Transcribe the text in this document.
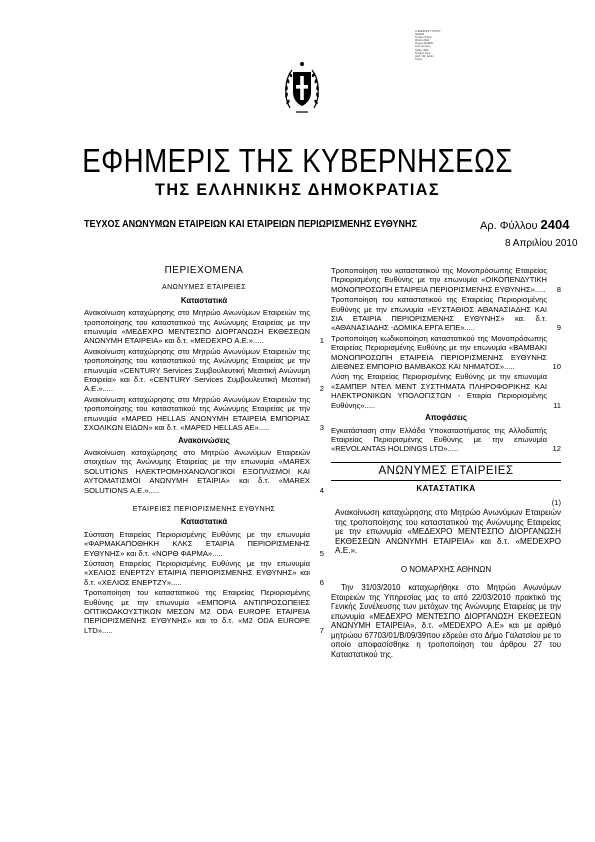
Ο ΕΘΝΙΚΟΣ ΤΥΠΟΓΡ.
ΑΘΗΝΑ
Τετάρτη 8 Απρ.
Φύλλο 2404
Τεύχος ΑΕ-ΕΠΕ
Τιμή εντύπου
Αριθμ. ΦΕΚ
Γραφείο Πωλ.
Αριθ. Ταξ. Δ/νση
Τηλεφ.
ΕΦΗΜΕΡΙΣ ΤΗΣ ΚΥΒΕΡΝΗΣΕΩΣ
ΤΗΣ ΕΛΛΗΝΙΚΗΣ ΔΗΜΟΚΡΑΤΙΑΣ
ΤΕΥΧΟΣ ΑΝΩΝΥΜΩΝ ΕΤΑΙΡΕΙΩΝ ΚΑΙ ΕΤΑΙΡΕΙΩΝ ΠΕΡΙΩΡΙΣΜΕΝΗΣ ΕΥΘΥΝΗΣ	Αρ. Φύλλου 2404
8 Απριλίου 2010
ΠΕΡΙΕΧΟΜΕΝΑ
ΑΝΩΝΥΜΕΣ ΕΤΑΙΡΕΙΕΣ
Καταστατικά
Ανακοίνωση καταχώρησης στο Μητρώο Ανωνύμων Εταιρειών της τροποποίησης του καταστατικού της Ανώνυμης Εταιρείας με την επωνυμία «ΜΕΔΕΧΡΟ ΜΕΝΤΕΣΠΟ ΔΙΟΡΓΑΝΩΣΗ ΕΚΘΕΣΕΩΝ ΑΝΩΝΥΜΗ ΕΤΑΙΡΕΙΑ» και δ.τ. «MEDEXPO Α.Ε.».....	1
Ανακοίνωση καταχώρησης στο Μητρώο Ανωνύμων Εταιρειών της τροποποίησης του καταστατικού της Ανώνυμης Εταιρείας με την επωνυμία «CENTURY Services Συμβουλευτική Μεσιτική Ανώνυμη Εταιρεία» και δ.τ. «CENTURY Services Συμβουλευτική Μεσιτική Α.Ε.».....	2
Ανακοίνωση καταχώρησης στο Μητρώο Ανωνύμων Εταιρειών της τροποποίησης του καταστατικού της Ανώνυμης Εταιρείας με την επωνυμία «MAPED HELLAS ΑΝΩΝΥΜΗ ΕΤΑΙΡΕΙΑ ΕΜΠΟΡΙΑΣ ΣΧΟΛΙΚΩΝ ΕΙΔΩΝ» και δ.τ. «MAPED HELLAS AE».....	3
Ανακοινώσεις
Ανακοίνωση καταχώρησης στο Μητρώο Ανωνύμων Εταιρειών στοιχείων της Ανώνυμης Εταιρείας με την επωνυμία «MAREX SOLUTIONS ΗΛΕΚΤΡΟΜΗΧΑΝΟΛΟΓΙΚΟΙ ΕΞΟΠΛΙΣΜΟΙ ΚΑΙ ΑΥΤΟΜΑΤΙΣΜΟΙ ΑΝΩΝΥΜΗ ΕΤΑΙΡΙΑ» και δ.τ. «MAREX SOLUTIONS Α.Ε.».....	4
ΕΤΑΙΡΕΙΕΣ ΠΕΡΙΟΡΙΣΜΕΝΗΣ ΕΥΘΥΝΗΣ
Καταστατικά
Σύσταση Εταιρείας Περιορισμένης Ευθύνης με την επωνυμία «ΦΑΡΜΑΚΑΠΟΘΗΚΗ ΚΛΚΣ ΕΤΑΙΡΙΑ ΠΕΡΙΟΡΙΣΜΕΝΗΣ ΕΥΘΥΝΗΣ» και δ.τ. «ΝΟΡΘ ΦΑΡΜΑ».....	5
Σύσταση Εταιρείας Περιορισμένης Ευθύνης με την επωνυμία «ΧΕΛΙΟΣ ΕΝΕΡΤΖΥ ΕΤΑΙΡΙΑ ΠΕΡΙΟΡΙΣΜΕΝΗΣ ΕΥΘΥΝΗΣ» και δ.τ. «ΧΕΛΙΟΣ ΕΝΕΡΤΖΥ».....	6
Τροποποίηση του καταστατικού της Εταιρείας Περιορισμένης Ευθύνης με την επωνυμία «ΕΜΠΟΡΙΑ ΑΝΤΙΠΡΟΣΩΠΕΙΕΣ ΟΠΤΙΚΟΑΚΟΥΣΤΙΚΩΝ ΜΕΣΩΝ Μ2 ODA EUROPE ΕΤΑΙΡΕΙΑ ΠΕΡΙΟΡΙΣΜΕΝΗΣ ΕΥΘΥΝΗΣ» και το δ.τ. «Μ2 ODA EUROPE LTD».....	7
Τροποποίηση του καταστατικού της Μονοπρόσωπης Εταιρείας Περιορισμένης Ευθύνης με την επωνυμία «ΟΙΚΟΠΕΝΔΥΤΙΚΗ ΜΟΝΟΠΡΟΣΩΠΗ ΕΤΑΙΡΕΙΑ ΠΕΡΙΟΡΙΣΜΕΝΗΣ ΕΥΘΥΝΗΣ»..... 8
Τροποποίηση του καταστατικού της Εταιρείας Περιορισμένης Ευθύνης με την επωνυμία «ΕΥΣΤΑΘΙΟΣ ΑΘΑΝΑΣΙΑΔΗΣ ΚΑΙ ΣΙΑ ΕΤΑΙΡΙΑ ΠΕΡΙΟΡΙΣΜΕΝΗΣ ΕΥΘΥΝΗΣ» κα. δ.τ. «ΑΘΑΝΑΣΙΑΔΗΣ -ΔΟΜΙΚΑ ΕΡΓΑ ΕΠΕ».....	9
Τροποποίηση κωδικοποίηση καταστατικού της Μονοπρόσωπης Εταιρείας Περιορισμένης Ευθύνης με την επωνυμία «ΒΑΜΒΑΚΙ ΜΟΝΟΠΡΟΣΩΠΗ ΕΤΑΙΡΕΙΑ ΠΕΡΙΟΡΙΣΜΕΝΗΣ ΕΥΘΥΝΗΣ ΔΙΕΘΝΕΣ ΕΜΠΟΡΙΟ ΒΑΜΒΑΚΟΣ ΚΑΙ ΝΗΜΑΤΟΣ».....	10
Λύση της Εταιρείας Περιορισμένης Ευθύνης με την επωνυμία «ΣΑΜΠΕΡ ΝΤΕΛ ΜΕΝΤ ΣΥΣΤΗΜΑΤΑ ΠΛΗΡΟΦΟΡΙΚΗΣ ΚΑΙ ΗΛΕΚΤΡΟΝΙΚΩΝ ΥΠΟΛΟΓΙΣΤΩΝ - Εταιρία Περιορισμένης Ευθύνης».....	11
Αποφάσεις
Εγκατάσταση στην Ελλάδα Υποκαταστήματος της Αλλοδαπής Εταιρείας Περιορισμένης Ευθύνης με την επωνυμία «REVOLANTAS HOLDINGS LTD».....	12
ΑΝΩΝΥΜΕΣ ΕΤΑΙΡΕΙΕΣ
ΚΑΤΑΣΤΑΤΙΚΑ
(1)
Ανακοίνωση καταχώρησης στο Μητρώο Ανωνύμων Εταιρειών της τροποποίησης του καταστατικού της Ανώνυμης Εταιρείας με την επωνυμία «ΜΕΔΕΧΡΟ ΜΕΝΤΕΣΠΟ ΔΙΟΡΓΑΝΩΣΗ ΕΚΘΕΣΕΩΝ ΑΝΩΝΥΜΗ ΕΤΑΙΡΕΙΑ» και δ.τ. «MEDEXPO Α.Ε.».
Ο ΝΟΜΑΡΧΗΣ ΑΘΗΝΩΝ
Την 31/03/2010 καταχωρήθηκε στο Μητρώο Ανωνύμων Εταιρειών της Υπηρεσίας μας το από 22/03/2010 πρακτικό της Γενικής Συνέλευσης των μετόχων της Ανώνυμης Εταιρείας με την επωνυμία «ΜΕΔΕΧΡΟ ΜΕΝΤΕΣΠΟ ΔΙΟΡΓΑΝΩΣΗ ΕΚΘΕΣΕΩΝ ΑΝΩΝΥΜΗ ΕΤΑΙΡΕΙΑ», δ.τ. «MEDEXPO Α.Ε» και με αριθμό μητρώου 67703/01/Β/09/39που εδρεύει στο Δήμο Γαλατσίου με το οποίο αποφασίσθηκε η τροποποίηση του άρθρου 27 του Καταστατικού της.
